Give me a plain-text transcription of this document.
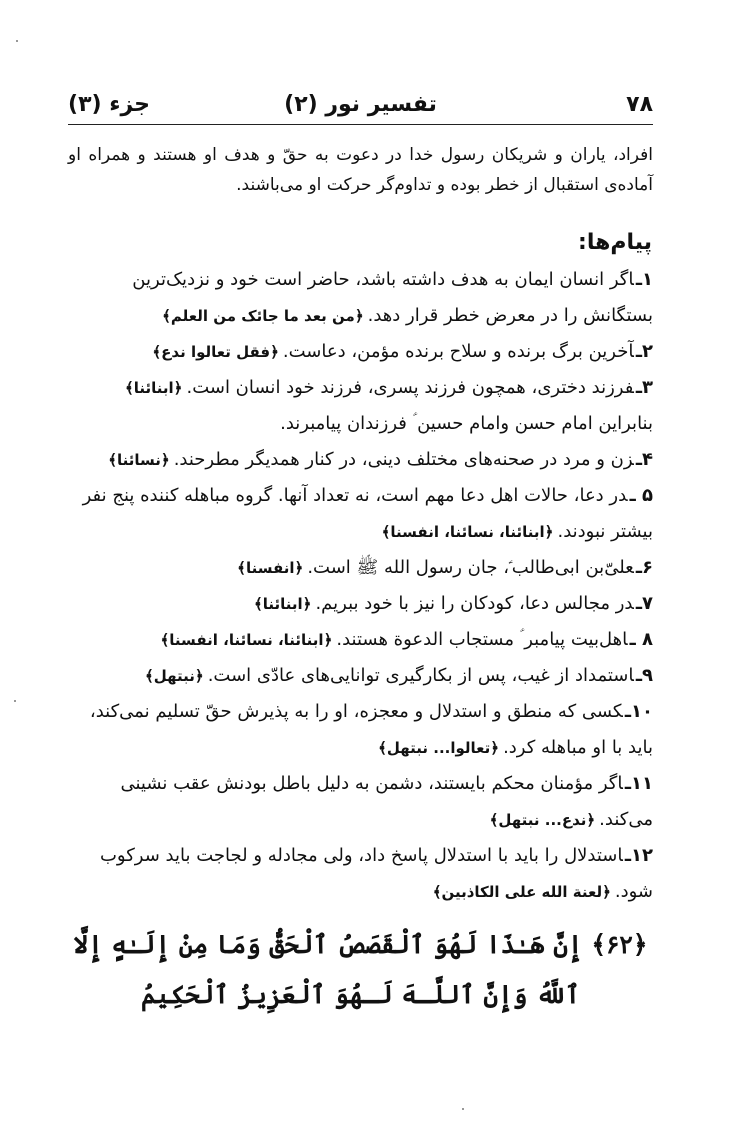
۷۸
تفسیر نور (۲)
جزء (۳)
افراد، یاران و شریکان رسول خدا در دعوت به حقّ و هدف او هستند و همراه او آماده‌ی استقبال از خطر بوده و تداوم‌گر حرکت او می‌باشند.
پیام‌ها:

۱ـاگر انسان ایمان به هدف داشته باشد، حاضر است خود و نزدیک‌ترین بستگانش را در معرض خطر قرار دهد.﴿من بعد ما جائک من العلم﴾

۲ـآخرین برگ برنده و سلاح برنده مؤمن، دعاست.﴿فقل تعالوا ندع﴾

۳ـفرزند دختری، همچون فرزند پسری، فرزند خود انسان است.﴿ابنائنا﴾
بنابراین امام حسن وامام حسین ؑ فرزندان پیامبرند.

۴ـزن و مرد در صحنه‌های مختلف دینی، در کنار همدیگر مطرحند.﴿نسائنا﴾

۵ ـدر دعا، حالات اهل دعا مهم است، نه تعداد آنها. گروه مباهله کننده پنج نفر بیشتر نبودند.﴿ابنائنا، نسائنا، انفسنا﴾

۶ـعلیّ‌بن ابی‌طالب ؑ، جان رسول الله ﷺ است.﴿انفسنا﴾

۷ـدر مجالس دعا، کودکان را نیز با خود ببریم.﴿ابنائنا﴾

۸ ـاهل‌بیت پیامبر ؑ مستجاب الدعوة هستند.﴿ابنائنا، نسائنا، انفسنا﴾

۹ـاستمداد از غیب، پس از بکارگیری توانایی‌های عادّی است.﴿نبتهل﴾

۱۰ـکسی که منطق و استدلال و معجزه، او را به پذیرش حقّ تسلیم نمی‌کند، باید با او مباهله کرد.﴿تعالوا... نبتهل﴾

۱۱ـاگر مؤمنان محکم بایستند، دشمن به دلیل باطل بودنش عقب نشینی می‌کند.﴿ندع... نبتهل﴾

۱۲ـاستدلال را باید با استدلال پاسخ داد، ولی مجادله و لجاجت باید سرکوب شود.﴿لعنة الله علی الکاذبین﴾

﴿۶۲﴾ إِنَّ هَـٰذَا لَهُوَ ٱلْقَصَصُ ٱلْحَقُّ وَمَا مِنْ إِلَـٰهٍ إِلَّا ٱللَّهُ وَإِنَّ ٱللَّـهَ لَـهُوَ ٱلْعَزِيزُ ٱلْحَكِيمُ
